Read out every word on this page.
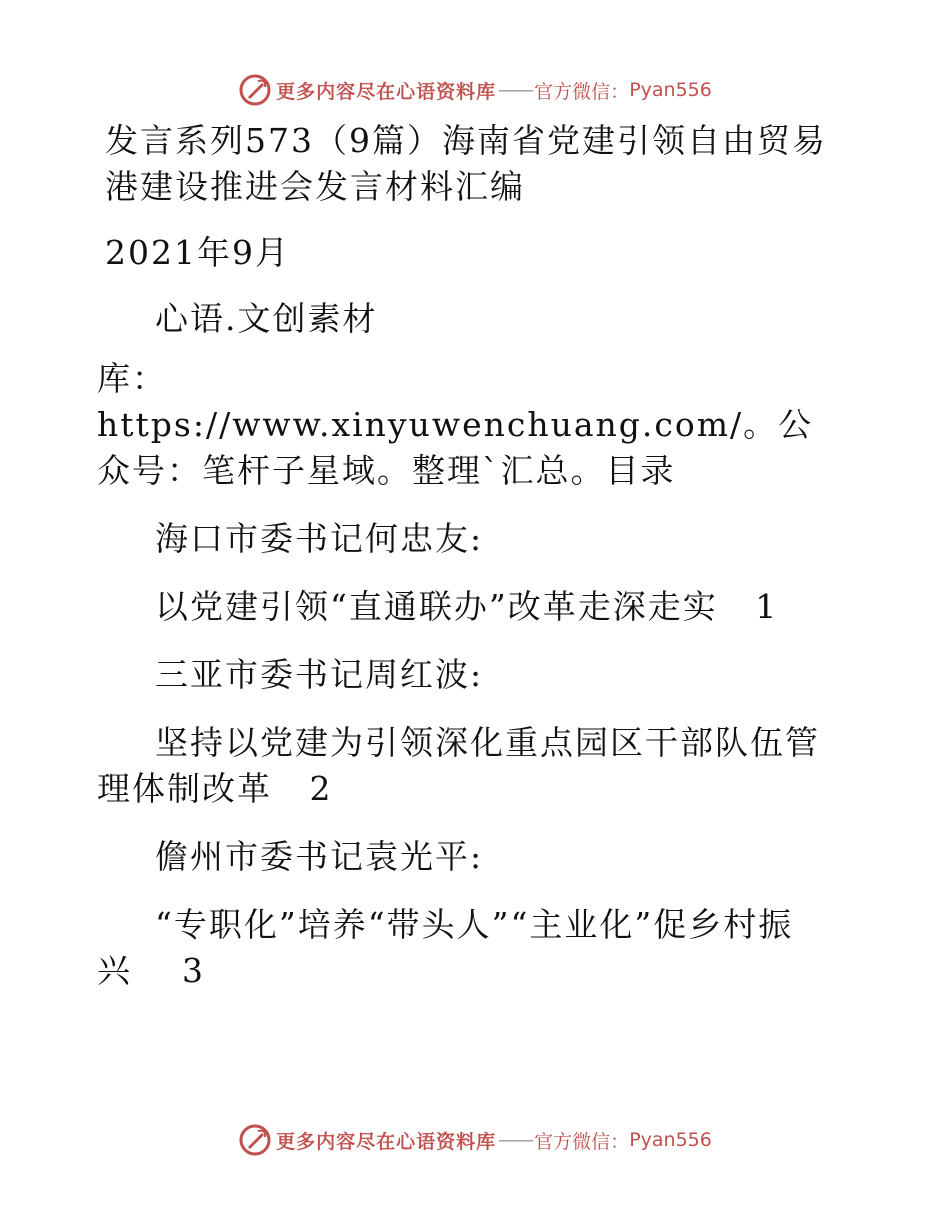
更多内容尽在心语资料库 —— 官方微信： Pyan556

发言系列573（9篇）海南省党建引领自由贸易港建设推进会发言材料汇编

2021年9月

心语.文创素材

库：https://www.xinyuwenchuang.com/。公众号：笔杆子星域。整理`汇总。目录

海口市委书记何忠友:

以党建引领“直通联办”改革走深走实 1

三亚市委书记周红波:

坚持以党建为引领深化重点园区干部队伍管理体制改革 2

儋州市委书记袁光平:

“专职化”培养“带头人”“主业化”促乡村振兴 3

更多内容尽在心语资料库 —— 官方微信： Pyan556
